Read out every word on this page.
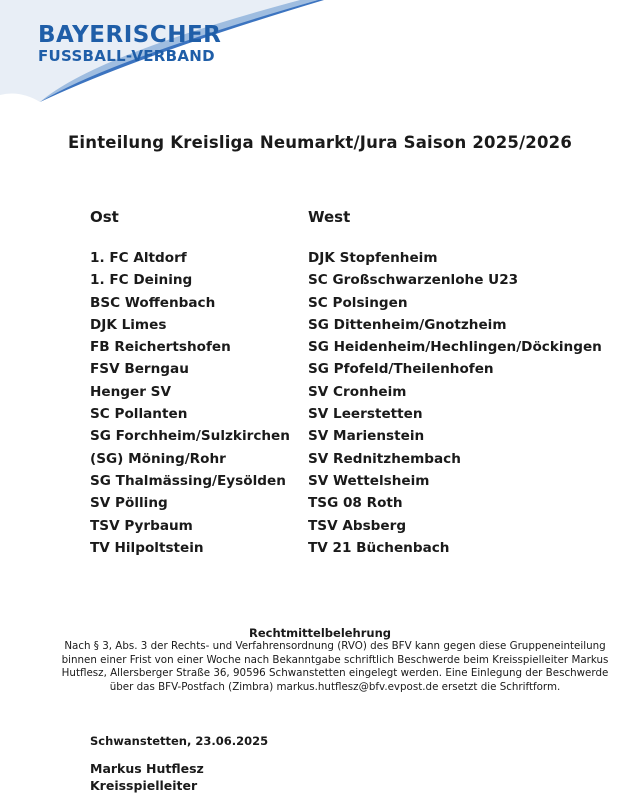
BAYERISCHER
FUSSBALL-VERBAND
Einteilung Kreisliga Neumarkt/Jura Saison 2025/2026
Ost	West
1. FC Altdorf
1. FC Deining
BSC Woffenbach
DJK Limes
FB Reichertshofen
FSV Berngau
Henger SV
SC Pollanten
SG Forchheim/Sulzkirchen
(SG) Möning/Rohr
SG Thalmässing/Eysölden
SV Pölling
TSV Pyrbaum
TV Hilpoltstein
DJK Stopfenheim
SC Großschwarzenlohe U23
SC Polsingen
SG Dittenheim/Gnotzheim
SG Heidenheim/Hechlingen/Döckingen
SG Pfofeld/Theilenhofen
SV Cronheim
SV Leerstetten
SV Marienstein
SV Rednitzhembach
SV Wettelsheim
TSG 08 Roth
TSV Absberg
TV 21 Büchenbach
Rechtmittelbelehrung
Nach § 3, Abs. 3 der Rechts- und Verfahrensordnung (RVO) des BFV kann gegen diese Gruppeneinteilung
binnen einer Frist von einer Woche nach Bekanntgabe schriftlich Beschwerde beim Kreisspielleiter Markus
Hutflesz, Allersberger Straße 36, 90596 Schwanstetten eingelegt werden. Eine Einlegung der Beschwerde
über das BFV-Postfach (Zimbra) markus.hutflesz@bfv.evpost.de ersetzt die Schriftform.
Schwanstetten, 23.06.2025
Markus Hutflesz
Kreisspielleiter
